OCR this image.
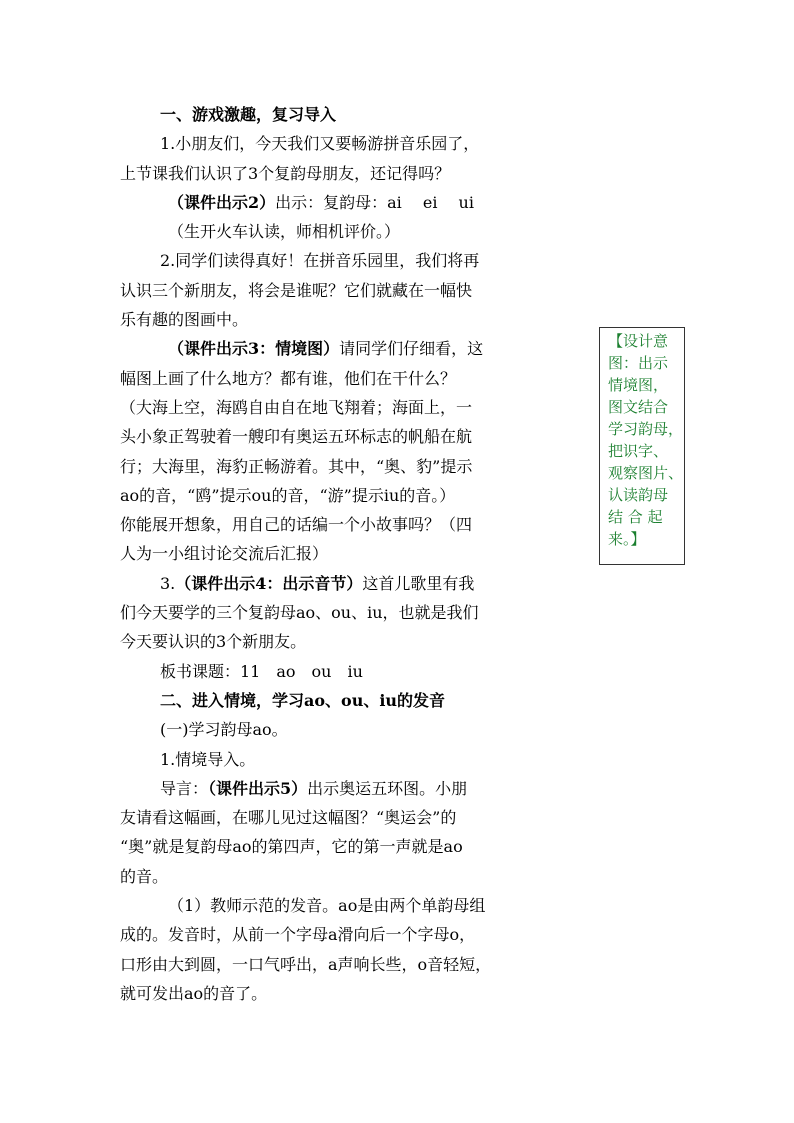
一、游戏激趣，复习导入
1.小朋友们，今天我们又要畅游拼音乐园了，
上节课我们认识了3个复韵母朋友，还记得吗？
（课件出示2）出示：复韵母：ai　 ei　 ui
（生开火车认读，师相机评价。）
2.同学们读得真好！在拼音乐园里，我们将再
认识三个新朋友，将会是谁呢？它们就藏在一幅快
乐有趣的图画中。
（课件出示3：情境图）请同学们仔细看，这
幅图上画了什么地方？都有谁，他们在干什么？
（大海上空，海鸥自由自在地飞翔着；海面上，一
头小象正驾驶着一艘印有奥运五环标志的帆船在航
行；大海里，海豹正畅游着。其中，“奥、豹”提示
ao的音，“鸥”提示ou的音，“游”提示iu的音。）
你能展开想象，用自己的话编一个小故事吗？（四
人为一小组讨论交流后汇报）
3.（课件出示4：出示音节）这首儿歌里有我
们今天要学的三个复韵母ao、ou、iu，也就是我们
今天要认识的3个新朋友。
板书课题：11　ao　ou　iu
二、进入情境，学习ao、ou、iu的发音
(一)学习韵母ao。
1.情境导入。
导言：（课件出示5）出示奥运五环图。小朋
友请看这幅画，在哪儿见过这幅图？“奥运会”的
“奥”就是复韵母ao的第四声，它的第一声就是ao
的音。
（1）教师示范的发音。ao是由两个单韵母组
成的。发音时，从前一个字母a滑向后一个字母o，
口形由大到圆，一口气呼出，a声响长些，o音轻短，
就可发出ao的音了。
【设计意
图：出示
情境图，
图文结合
学习韵母，
把识字、
观察图片、
认读韵母
结 合 起
来。】
